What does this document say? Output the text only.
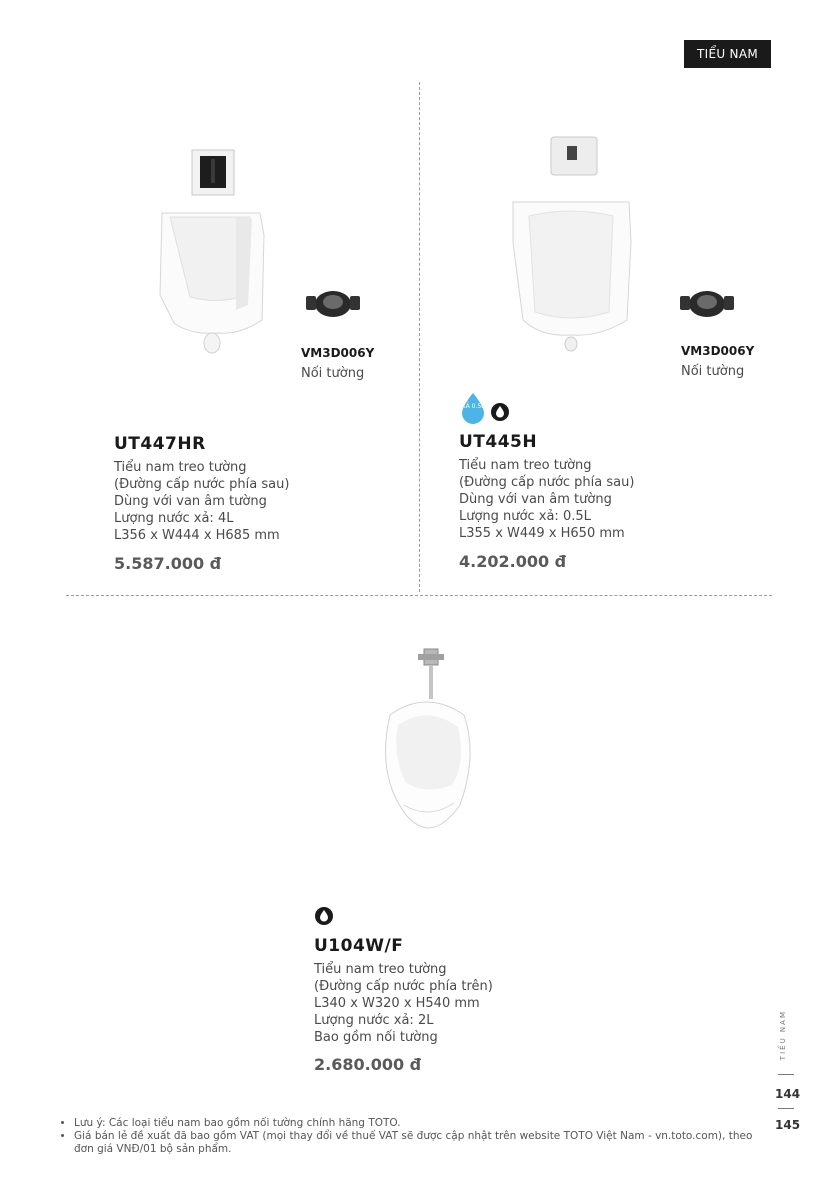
TIỂU NAM
VM3D006Y
Nối tường
UT447HR
Tiểu nam treo tường
(Đường cấp nước phía sau)
Dùng với van âm tường
Lượng nước xả: 4L
L356 x W444 x H685 mm
5.587.000 đ
VM3D006Y
Nối tường
XẢ 0.5L
UT445H
Tiểu nam treo tường
(Đường cấp nước phía sau)
Dùng với van âm tường
Lượng nước xả: 0.5L
L355 x W449 x H650 mm
4.202.000 đ
U104W/F
Tiểu nam treo tường
(Đường cấp nước phía trên)
L340 x W320 x H540 mm
Lượng nước xả: 2L
Bao gồm nối tường
2.680.000 đ
• Lưu ý: Các loại tiểu nam bao gồm nối tường chính hãng TOTO.
• Giá bán lẻ đề xuất đã bao gồm VAT (mọi thay đổi về thuế VAT sẽ được cập nhật trên website TOTO Việt Nam - vn.toto.com), theo đơn giá VNĐ/01 bộ sản phẩm.
TIỂU NAM
144
145
